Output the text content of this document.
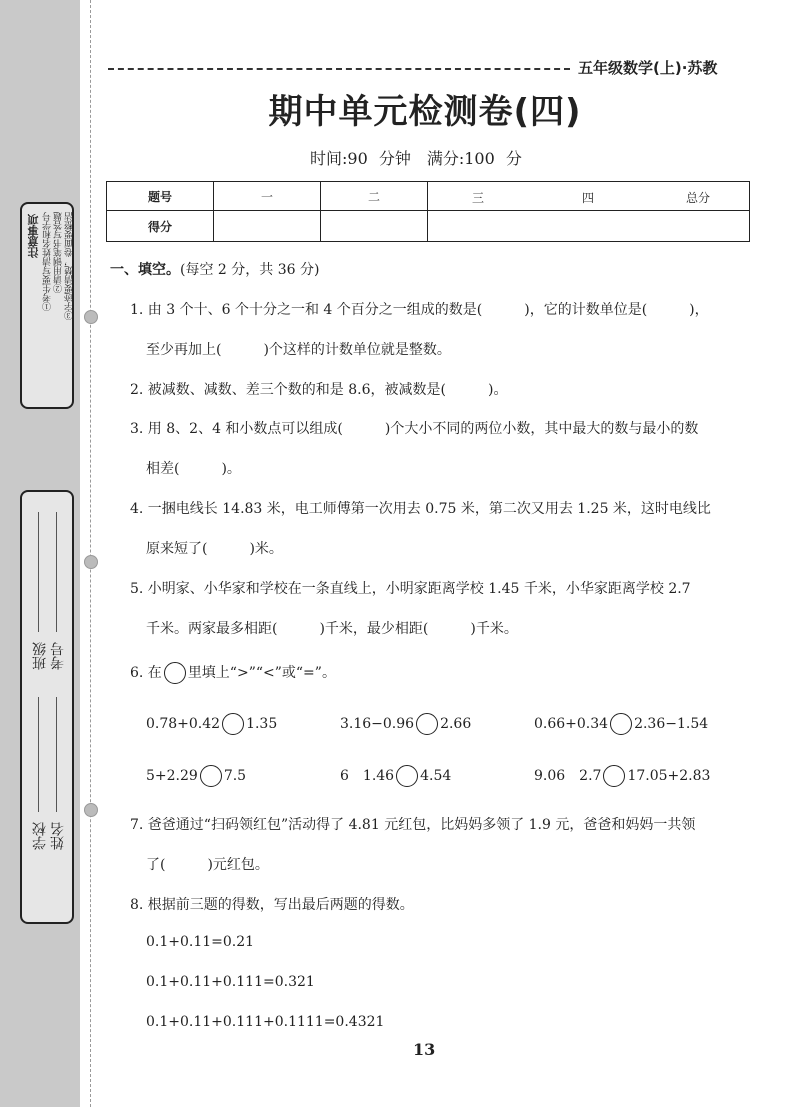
注意事项 ①考生要写清姓名和学号 ②请用钢笔书写答题 ③字迹要清楚，卷面要整洁
学校 姓名
班级 考号
五年级数学(上)·苏教
期中单元检测卷(四)
时间:90 分钟　满分:100 分
题号	一	二	三 四 总分

得分			
一、填空。(每空 2 分，共 36 分)
1. 由 3 个十、6 个十分之一和 4 个百分之一组成的数是(　　　)，它的计数单位是(　　　)，
至少再加上(　　　)个这样的计数单位就是整数。
2. 被减数、减数、差三个数的和是 8.6，被减数是(　　　)。
3. 用 8、2、4 和小数点可以组成(　　　)个大小不同的两位小数，其中最大的数与最小的数
相差(　　　)。
4. 一捆电线长 14.83 米，电工师傅第一次用去 0.75 米，第二次又用去 1.25 米，这时电线比
原来短了(　　　)米。
5. 小明家、小华家和学校在一条直线上，小明家距离学校 1.45 千米，小华家距离学校 2.7
千米。两家最多相距(　　　)千米，最少相距(　　　)千米。
6. 在 里填上“>”“<”或“=”。
0.78+0.42 1.35	3.16−0.96 2.66	0.66+0.34 2.36−1.54
5+2.29 7.5	6　1.46 4.54	9.06　2.7 17.05+2.83
7. 爸爸通过“扫码领红包”活动得了 4.81 元红包，比妈妈多领了 1.9 元，爸爸和妈妈一共领
了(　　　)元红包。
8. 根据前三题的得数，写出最后两题的得数。
0.1+0.11=0.21
0.1+0.11+0.111=0.321
0.1+0.11+0.111+0.1111=0.4321
13
